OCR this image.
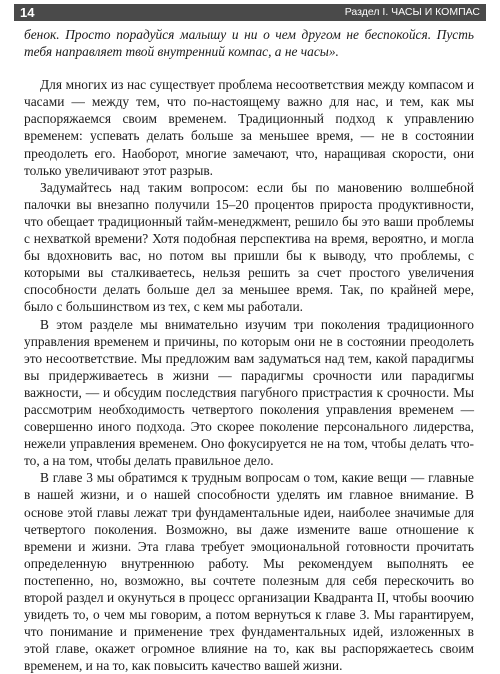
14	Раздел I. ЧАСЫ И КОМПАС

бенок. Просто порадуйся малышу и ни о чем другом не беспокойся. Пусть тебя направляет твой внутренний компас, а не часы».

Для многих из нас существует проблема несоответствия между компасом и часами — между тем, что по-настоящему важно для нас, и тем, как мы распоряжаемся своим временем. Традиционный подход к управлению временем: успевать делать больше за меньшее время, — не в состоянии преодолеть его. Наоборот, многие замечают, что, наращивая скорости, они только увеличивают этот разрыв.

Задумайтесь над таким вопросом: если бы по мановению волшебной палочки вы внезапно получили 15–20 процентов прироста продуктивности, что обещает традиционный тайм-менеджмент, решило бы это ваши проблемы с нехваткой времени? Хотя подобная перспектива на время, вероятно, и могла бы вдохновить вас, но потом вы пришли бы к выводу, что проблемы, с которыми вы сталкиваетесь, нельзя решить за счет простого увеличения способности делать больше дел за меньшее время. Так, по крайней мере, было с большинством из тех, с кем мы работали.

В этом разделе мы внимательно изучим три поколения традиционного управления временем и причины, по которым они не в состоянии преодолеть это несоответствие. Мы предложим вам задуматься над тем, какой парадигмы вы придерживаетесь в жизни — парадигмы срочности или парадигмы важности, — и обсудим последствия пагубного пристрастия к срочности. Мы рассмотрим необходимость четвертого поколения управления временем — совершенно иного подхода. Это скорее поколение персонального лидерства, нежели управления временем. Оно фокусируется не на том, чтобы делать что-то, а на том, чтобы делать правильное дело.

В главе 3 мы обратимся к трудным вопросам о том, какие вещи — главные в нашей жизни, и о нашей способности уделять им главное внимание. В основе этой главы лежат три фундаментальные идеи, наиболее значимые для четвертого поколения. Возможно, вы даже измените ваше отношение к времени и жизни. Эта глава требует эмоциональной готовности прочитать определенную внутреннюю работу. Мы рекомендуем выполнять ее постепенно, но, возможно, вы сочтете полезным для себя перескочить во второй раздел и окунуться в процесс организации Квадранта II, чтобы воочию увидеть то, о чем мы говорим, а потом вернуться к главе 3. Мы гарантируем, что понимание и применение трех фундаментальных идей, изложенных в этой главе, окажет огромное влияние на то, как вы распоряжаетесь своим временем, и на то, как повысить качество вашей жизни.
